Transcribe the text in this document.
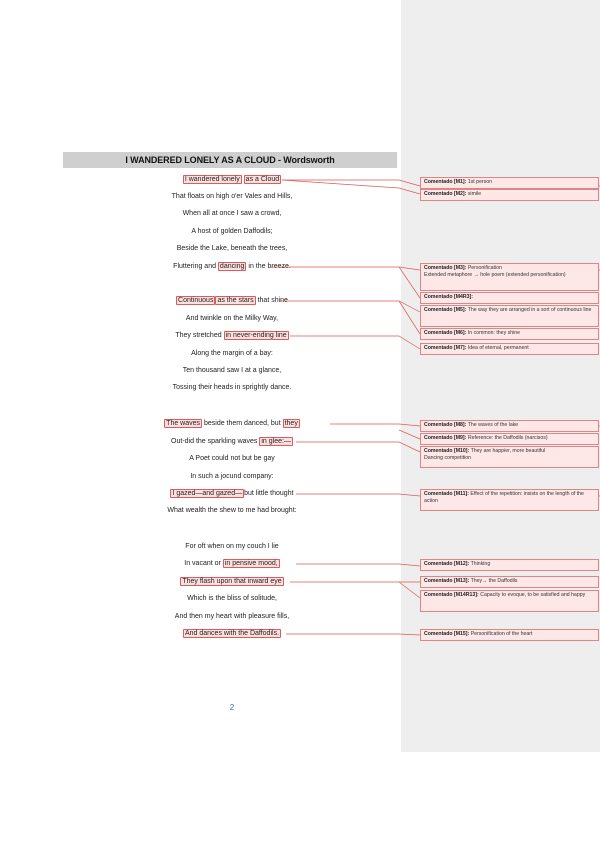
I WANDERED LONELY AS A CLOUD - Wordsworth
I wandered lonely as a Cloud
That floats on high o'er Vales and Hills,
When all at once I saw a crowd,
A host of golden Daffodils;
Beside the Lake, beneath the trees,
Fluttering and dancing in the breeze.
Continuous as the stars that shine
And twinkle on the Milky Way,
They stretched in never-ending line
Along the margin of a bay:
Ten thousand saw I at a glance,
Tossing their heads in sprightly dance.
The waves beside them danced, but they
Out-did the sparkling waves in glee:—
A Poet could not but be gay
In such a jocund company:
I gazed—and gazed— but little thought
What wealth the shew to me had brought:
For oft when on my couch I lie
In vacant or in pensive mood,
They flash upon that inward eye
Which is the bliss of solitude,
And then my heart with pleasure fills,
And dances with the Daffodils.
Comentado [M1]: 1st person
Comentado [M2]: simile
Comentado [M3]: Personification
Extended metaphore → hole poem (extended personification)
Comentado [M4R3]:
Comentado [M5]: The way they are arranged in a sort of continuous line
Comentado [M6]: In common: they shine
Comentado [M7]: Idea of eternal, permanent
Comentado [M8]: The waves of the lake
Comentado [M9]: Reference: the Daffodils (narcisos)
Comentado [M10]: They are happier, more beautiful
Dancing competition
Comentado [M11]: Effect of the repetition: insists on the length of the action
Comentado [M12]: Thinking
Comentado [M13]: They→ the Daffodils
Comentado [M14R13]: Capacity to evoque, to be satisfied and happy
Comentado [M15]: Personification of the heart
2
